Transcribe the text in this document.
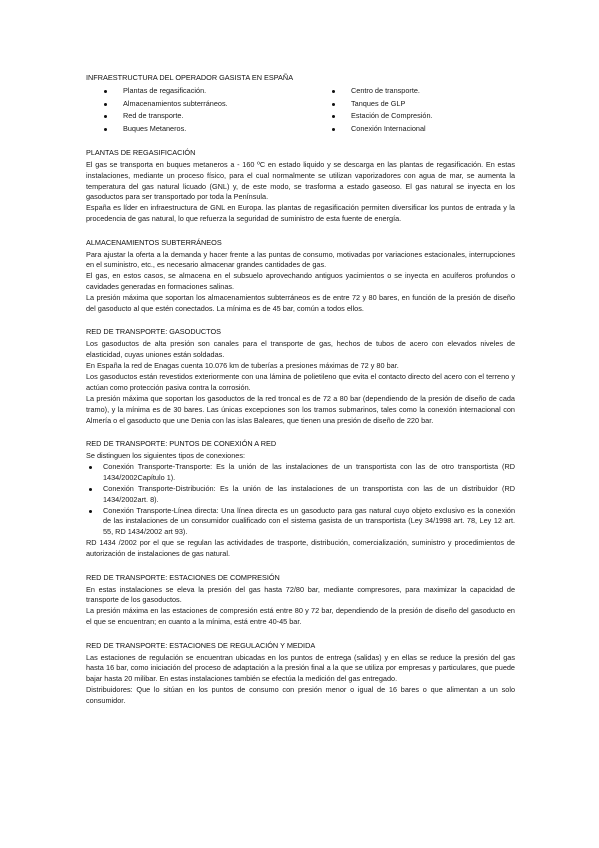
INFRAESTRUCTURA DEL OPERADOR GASISTA EN ESPAÑA
Plantas de regasificación.
Almacenamientos subterráneos.
Red de transporte.
Buques Metaneros.
Centro de transporte.
Tanques de GLP
Estación de Compresión.
Conexión Internacional
PLANTAS DE REGASIFICACIÓN

El gas se transporta en buques metaneros a - 160 ºC en estado liquido y se descarga en las plantas de regasificación. En estas instalaciones, mediante un proceso físico, para el cual normalmente se utilizan vaporizadores con agua de mar, se aumenta la temperatura del gas natural licuado (GNL) y, de este modo, se trasforma a estado gaseoso. El gas natural se inyecta en los gasoductos para ser transportado por toda la Península.

España es líder en infraestructura de GNL en Europa. las plantas de regasificación permiten diversificar los puntos de entrada y la procedencia de gas natural, lo que refuerza la seguridad de suministro de esta fuente de energía.

ALMACENAMIENTOS SUBTERRÁNEOS

Para ajustar la oferta a la demanda y hacer frente a las puntas de consumo, motivadas por variaciones estacionales, interrupciones en el suministro, etc., es necesario almacenar grandes cantidades de gas.

El gas, en estos casos, se almacena en el subsuelo aprovechando antiguos yacimientos o se inyecta en acuíferos profundos o cavidades generadas en formaciones salinas.

La presión máxima que soportan los almacenamientos subterráneos es de entre 72 y 80 bares, en función de la presión de diseño del gasoducto al que estén conectados. La mínima es de 45 bar, común a todos ellos.

RED DE TRANSPORTE: GASODUCTOS

Los gasoductos de alta presión son canales para el transporte de gas, hechos de tubos de acero con elevados niveles de elasticidad, cuyas uniones están soldadas.

En España la red de Enagas cuenta 10.076 km de tuberías a presiones máximas de 72 y 80 bar.

Los gasoductos están revestidos exteriormente con una lámina de polietileno que evita el contacto directo del acero con el terreno y actúan como protección pasiva contra la corrosión.

La presión máxima que soportan los gasoductos de la red troncal es de 72 a 80 bar (dependiendo de la presión de diseño de cada tramo), y la mínima es de 30 bares. Las únicas excepciones son los tramos submarinos, tales como la conexión internacional con Almería o el gasoducto que une Denia con las islas Baleares, que tienen una presión de diseño de 220 bar.

RED DE TRANSPORTE: PUNTOS DE CONEXIÓN A RED

Se distinguen los siguientes tipos de conexiones:

Conexión Transporte-Transporte: Es la unión de las instalaciones de un transportista con las de otro transportista (RD 1434/2002Capítulo 1).
Conexión Transporte-Distribución: Es la unión de las instalaciones de un transportista con las de un distribuidor (RD 1434/2002art. 8).
Conexión Transporte-Línea directa: Una línea directa es un gasoducto para gas natural cuyo objeto exclusivo es la conexión de las instalaciones de un consumidor cualificado con el sistema gasista de un transportista (Ley 34/1998 art. 78, Ley 12 art. 55, RD 1434/2002 art 93).

RD 1434 /2002 por el que se regulan las actividades de trasporte, distribución, comercialización, suministro y procedimientos de autorización de instalaciones de gas natural.

RED DE TRANSPORTE: ESTACIONES DE COMPRESIÓN

En estas instalaciones se eleva la presión del gas hasta 72/80 bar, mediante compresores, para maximizar la capacidad de transporte de los gasoductos.

La presión máxima en las estaciones de compresión está entre 80 y 72 bar, dependiendo de la presión de diseño del gasoducto en el que se encuentran; en cuanto a la mínima, está entre 40-45 bar.

RED DE TRANSPORTE: ESTACIONES DE REGULACIÓN Y MEDIDA

Las estaciones de regulación se encuentran ubicadas en los puntos de entrega (salidas) y en ellas se reduce la presión del gas hasta 16 bar, como iniciación del proceso de adaptación a la presión final a la que se utiliza por empresas y particulares, que puede bajar hasta 20 milibar. En estas instalaciones también se efectúa la medición del gas entregado.

Distribuidores: Que lo sitúan en los puntos de consumo con presión menor o igual de 16 bares o que alimentan a un solo consumidor.
